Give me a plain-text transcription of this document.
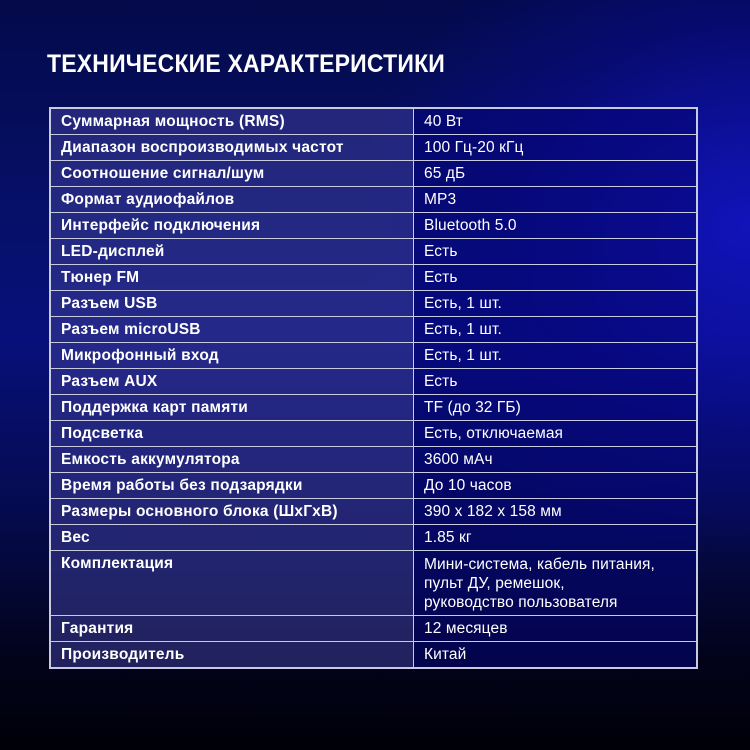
ТЕХНИЧЕСКИЕ ХАРАКТЕРИСТИКИ
Суммарная мощность (RMS)	40 Вт
Диапазон воспроизводимых частот	100 Гц-20 кГц
Соотношение сигнал/шум	65 дБ
Формат аудиофайлов	MP3
Интерфейс подключения	Bluetooth 5.0
LED-дисплей	Есть
Тюнер FM	Есть
Разъем USB	Есть, 1 шт.
Разъем microUSB	Есть, 1 шт.
Микрофонный вход	Есть, 1 шт.
Разъем AUX	Есть
Поддержка карт памяти	TF (до 32 ГБ)
Подсветка	Есть, отключаемая
Емкость аккумулятора	3600 мАч
Время работы без подзарядки	До 10 часов
Размеры основного блока (ШхГхВ)	390 x 182 x 158 мм
Вес	1.85 кг
Комплектация	Мини-система, кабель питания,
пульт ДУ, ремешок,
руководство пользователя

Гарантия	12 месяцев
Производитель	Китай
